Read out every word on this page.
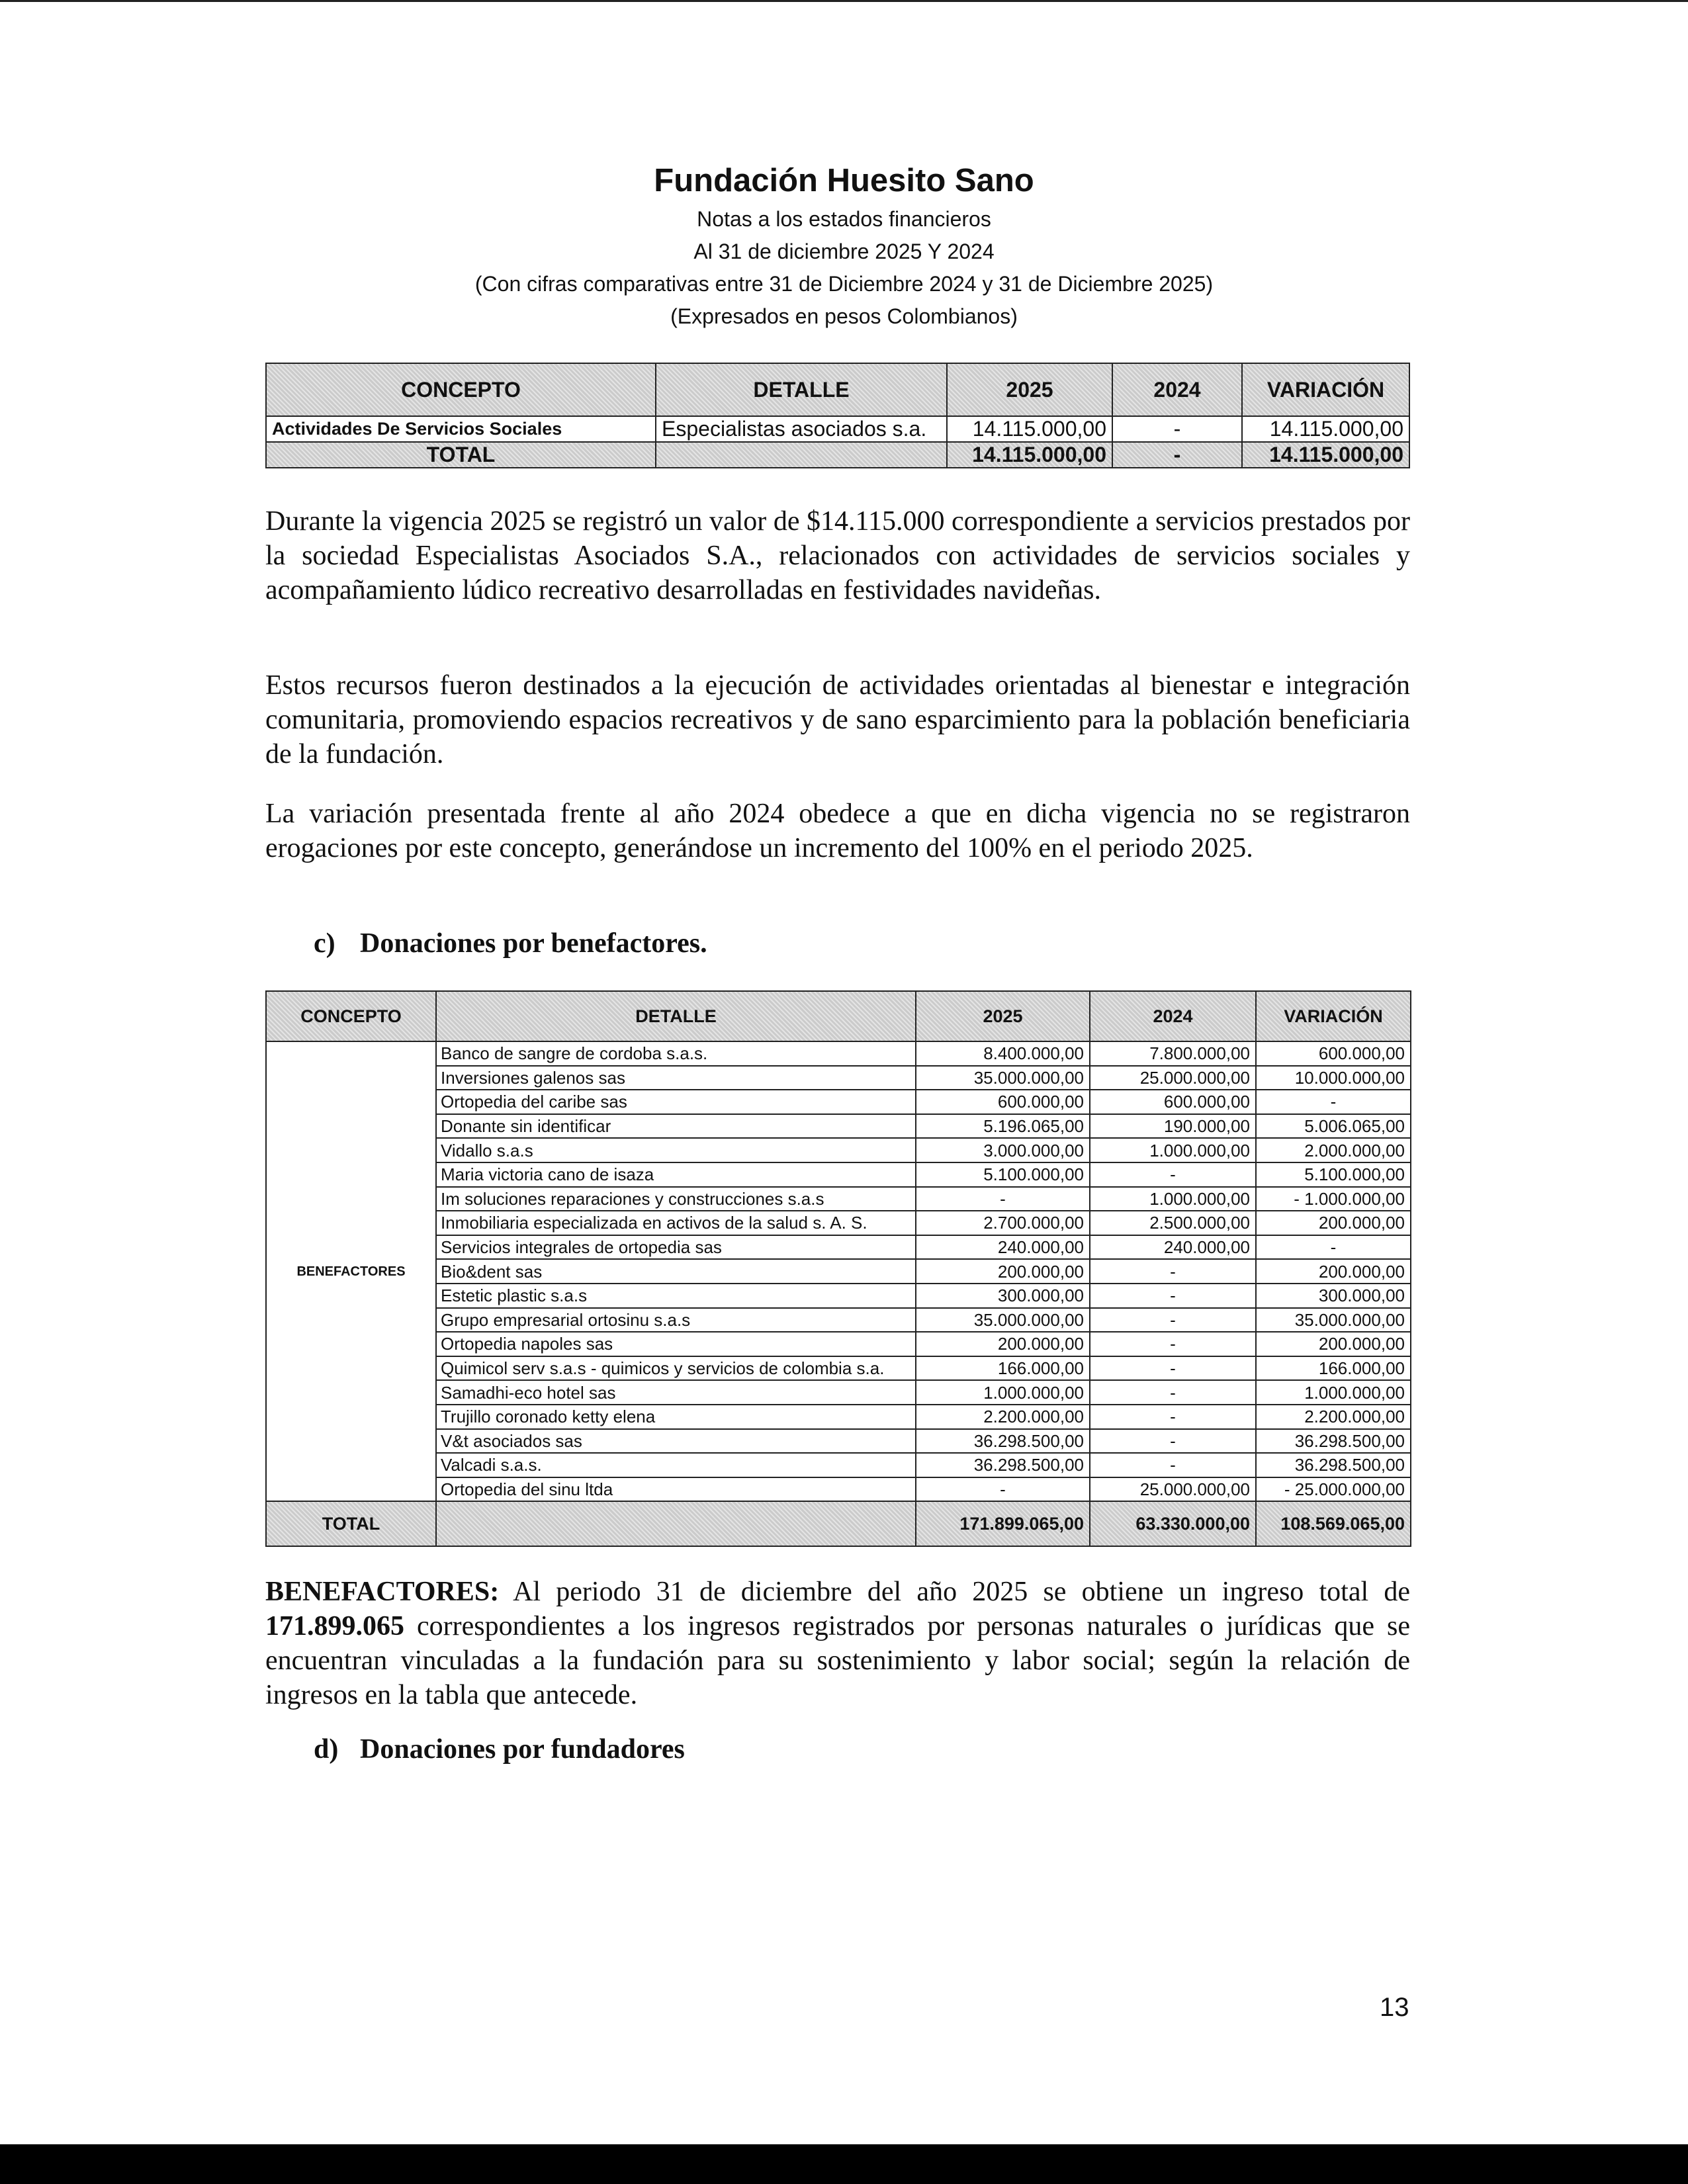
Fundación Huesito Sano
Notas a los estados financieros
Al 31 de diciembre 2025 Y 2024
(Con cifras comparativas entre 31 de Diciembre 2024 y 31 de Diciembre 2025)
(Expresados en pesos Colombianos)
CONCEPTO	DETALLE	2025	2024	VARIACIÓN
Actividades De Servicios Sociales	Especialistas asociados s.a.	14.115.000,00	-	14.115.000,00
TOTAL		14.115.000,00	-	14.115.000,00
Durante la vigencia 2025 se registró un valor de $14.115.000 correspondiente a servicios prestados por la sociedad Especialistas Asociados S.A., relacionados con actividades de servicios sociales y acompañamiento lúdico recreativo desarrolladas en festividades navideñas.
Estos recursos fueron destinados a la ejecución de actividades orientadas al bienestar e integración comunitaria, promoviendo espacios recreativos y de sano esparcimiento para la población beneficiaria de la fundación.
La variación presentada frente al año 2024 obedece a que en dicha vigencia no se registraron erogaciones por este concepto, generándose un incremento del 100% en el periodo 2025.
c) Donaciones por benefactores.
CONCEPTO	DETALLE	2025	2024	VARIACIÓN
BENEFACTORES	Banco de sangre de cordoba s.a.s.	8.400.000,00	7.800.000,00	600.000,00
	Inversiones galenos sas	35.000.000,00	25.000.000,00	10.000.000,00
	Ortopedia del caribe sas	600.000,00	600.000,00	-
	Donante sin identificar	5.196.065,00	190.000,00	5.006.065,00
	Vidallo s.a.s	3.000.000,00	1.000.000,00	2.000.000,00
	Maria victoria cano de isaza	5.100.000,00	-	5.100.000,00
	Im soluciones reparaciones y construcciones s.a.s	-	1.000.000,00	- 1.000.000,00
	Inmobiliaria especializada en activos de la salud s. A. S.	2.700.000,00	2.500.000,00	200.000,00
	Servicios integrales de ortopedia sas	240.000,00	240.000,00	-
	Bio&dent sas	200.000,00	-	200.000,00
	Estetic plastic s.a.s	300.000,00	-	300.000,00
	Grupo empresarial ortosinu s.a.s	35.000.000,00	-	35.000.000,00
	Ortopedia napoles sas	200.000,00	-	200.000,00
	Quimicol serv s.a.s - quimicos y servicios de colombia s.a.	166.000,00	-	166.000,00
	Samadhi-eco hotel sas	1.000.000,00	-	1.000.000,00
	Trujillo coronado ketty elena	2.200.000,00	-	2.200.000,00
	V&t asociados sas	36.298.500,00	-	36.298.500,00
	Valcadi s.a.s.	36.298.500,00	-	36.298.500,00
	Ortopedia del sinu ltda	-	25.000.000,00	- 25.000.000,00
TOTAL		171.899.065,00	63.330.000,00	108.569.065,00
BENEFACTORES: Al periodo 31 de diciembre del año 2025 se obtiene un ingreso total de 171.899.065 correspondientes a los ingresos registrados por personas naturales o jurídicas que se encuentran vinculadas a la fundación para su sostenimiento y labor social; según la relación de ingresos en la tabla que antecede.
d) Donaciones por fundadores
13
